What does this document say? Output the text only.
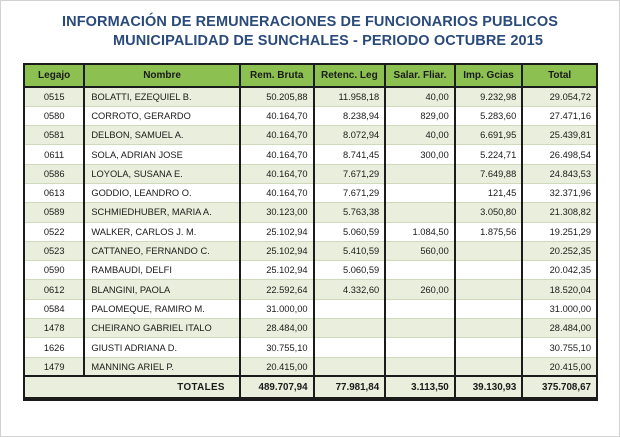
INFORMACIÓN DE REMUNERACIONES DE FUNCIONARIOS PUBLICOS
MUNICIPALIDAD DE SUNCHALES - PERIODO OCTUBRE 2015
Legajo	Nombre	Rem. Bruta	Retenc. Leg	Salar. Fliar.	Imp. Gcias	Total
0515	BOLATTI, EZEQUIEL B.	50.205,88	11.958,18	40,00	9.232,98	29.054,72
0580	CORROTO, GERARDO	40.164,70	8.238,94	829,00	5.283,60	27.471,16
0581	DELBON, SAMUEL A.	40.164,70	8.072,94	40,00	6.691,95	25.439,81
0611	SOLA, ADRIAN JOSE	40.164,70	8.741,45	300,00	5.224,71	26.498,54
0586	LOYOLA, SUSANA E.	40.164,70	7.671,29		7.649,88	24.843,53
0613	GODDIO, LEANDRO O.	40.164,70	7.671,29		121,45	32.371,96
0589	SCHMIEDHUBER, MARIA A.	30.123,00	5.763,38		3.050,80	21.308,82
0522	WALKER, CARLOS J. M.	25.102,94	5.060,59	1.084,50	1.875,56	19.251,29
0523	CATTANEO, FERNANDO C.	25.102,94	5.410,59	560,00		20.252,35
0590	RAMBAUDI, DELFI	25.102,94	5.060,59			20.042,35
0612	BLANGINI, PAOLA	22.592,64	4.332,60	260,00		18.520,04
0584	PALOMEQUE, RAMIRO M.	31.000,00				31.000,00
1478	CHEIRANO GABRIEL ITALO	28.484,00				28.484,00
1626	GIUSTI ADRIANA D.	30.755,10				30.755,10
1479	MANNING ARIEL P.	20.415,00				20.415,00
TOTALES		489.707,94	77.981,84	3.113,50	39.130,93	375.708,67
